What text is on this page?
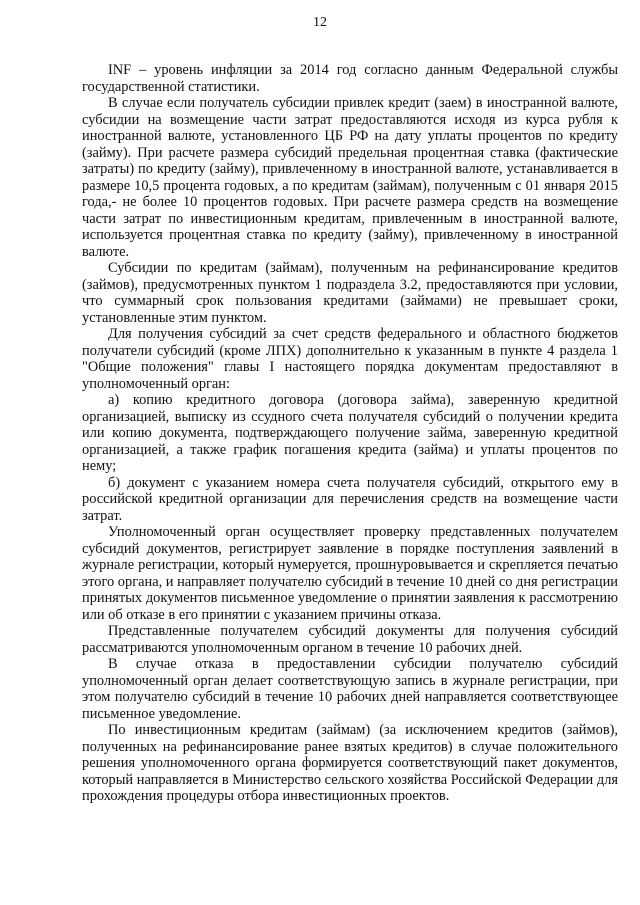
12

INF – уровень инфляции за 2014 год согласно данным Федеральной службы государственной статистики.

В случае если получатель субсидии привлек кредит (заем) в иностранной валюте, субсидии на возмещение части затрат предоставляются исходя из курса рубля к иностранной валюте, установленного ЦБ РФ на дату уплаты процентов по кредиту (займу). При расчете размера субсидий предельная процентная ставка (фактические затраты) по кредиту (займу), привлеченному в иностранной валюте, устанавливается в размере 10,5 процента годовых, а по кредитам (займам), полученным с 01 января 2015 года,- не более 10 процентов годовых. При расчете размера средств на возмещение части затрат по инвестиционным кредитам, привлеченным в иностранной валюте, используется процентная ставка по кредиту (займу), привлеченному в иностранной валюте.

Субсидии по кредитам (займам), полученным на рефинансирование кредитов (займов), предусмотренных пунктом 1 подраздела 3.2, предоставляются при условии, что суммарный срок пользования кредитами (займами) не превышает сроки, установленные этим пунктом.

Для получения субсидий за счет средств федерального и областного бюджетов получатели субсидий (кроме ЛПХ) дополнительно к указанным в пункте 4 раздела 1 "Общие положения" главы I настоящего порядка документам предоставляют в уполномоченный орган:

а) копию кредитного договора (договора займа), заверенную кредитной организацией, выписку из ссудного счета получателя субсидий о получении кредита или копию документа, подтверждающего получение займа, заверенную кредитной организацией, а также график погашения кредита (займа) и уплаты процентов по нему;

б) документ с указанием номера счета получателя субсидий, открытого ему в российской кредитной организации для перечисления средств на возмещение части затрат.

Уполномоченный орган осуществляет проверку представленных получателем субсидий документов, регистрирует заявление в порядке поступления заявлений в журнале регистрации, который нумеруется, прошнуровывается и скрепляется печатью этого органа, и направляет получателю субсидий в течение 10 дней со дня регистрации принятых документов письменное уведомление о принятии заявления к рассмотрению или об отказе в его принятии с указанием причины отказа.

Представленные получателем субсидий документы для получения субсидий рассматриваются уполномоченным органом в течение 10 рабочих дней.

В случае отказа в предоставлении субсидии получателю субсидий уполномоченный орган делает соответствующую запись в журнале регистрации, при этом получателю субсидий в течение 10 рабочих дней направляется соответствующее письменное уведомление.

По инвестиционным кредитам (займам) (за исключением кредитов (займов), полученных на рефинансирование ранее взятых кредитов) в случае положительного решения уполномоченного органа формируется соответствующий пакет документов, который направляется в Министерство сельского хозяйства Российской Федерации для прохождения процедуры отбора инвестиционных проектов.
